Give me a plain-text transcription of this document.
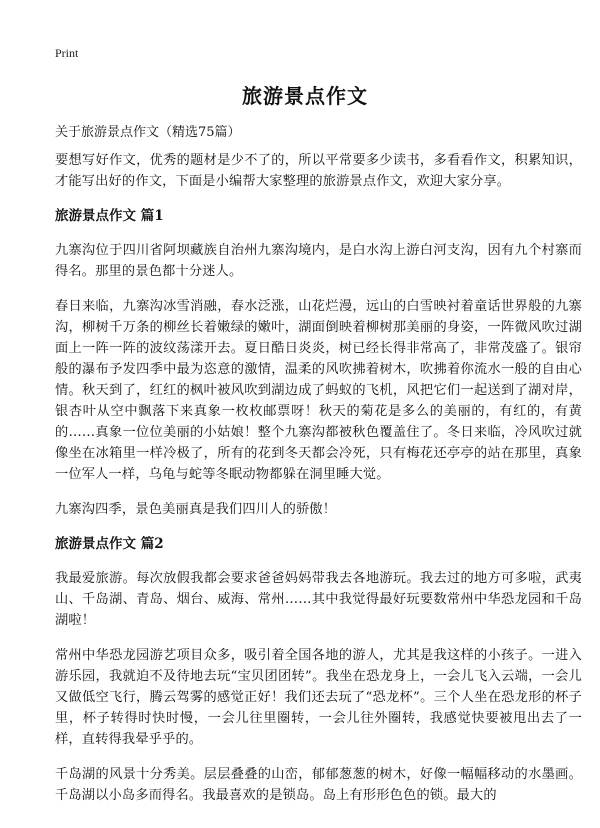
Print
旅游景点作文

关于旅游景点作文（精选75篇）

要想写好作文，优秀的题材是少不了的，所以平常要多少读书，多看看作文，积累知识，才能写出好的作文，下面是小编帮大家整理的旅游景点作文，欢迎大家分享。

旅游景点作文 篇1

九寨沟位于四川省阿坝藏族自治州九寨沟境内，是白水沟上游白河支沟，因有九个村寨而得名。那里的景色都十分迷人。

春日来临，九寨沟冰雪消融，春水泛涨，山花烂漫，远山的白雪映衬着童话世界般的九寨沟，柳树千万条的柳丝长着嫩绿的嫩叶，湖面倒映着柳树那美丽的身姿，一阵微风吹过湖面上一阵一阵的波纹荡漾开去。夏日酷日炎炎，树已经长得非常高了，非常茂盛了。银帘般的瀑布予发四季中最为恣意的激情，温柔的风吹拂着树木，吹拂着你流水一般的自由心情。秋天到了，红红的枫叶被风吹到湖边成了蚂蚁的飞机，风把它们一起送到了湖对岸，银杏叶从空中飘落下来真象一枚枚邮票呀！秋天的菊花是多么的美丽的，有红的，有黄的……真象一位位美丽的小姑娘！整个九寨沟都被秋色覆盖住了。冬日来临，冷风吹过就像坐在冰箱里一样冷极了，所有的花到冬天都会冷死，只有梅花还亭亭的站在那里，真象一位军人一样，乌龟与蛇等冬眠动物都躲在洞里睡大觉。

九寨沟四季，景色美丽真是我们四川人的骄傲！

旅游景点作文 篇2

我最爱旅游。每次放假我都会要求爸爸妈妈带我去各地游玩。我去过的地方可多啦，武夷山、千岛湖、青岛、烟台、威海、常州……其中我觉得最好玩要数常州中华恐龙园和千岛湖啦！

常州中华恐龙园游艺项目众多，吸引着全国各地的游人，尤其是我这样的小孩子。一进入游乐园，我就迫不及待地去玩“宝贝团团转”。我坐在恐龙身上，一会儿飞入云端，一会儿又做低空飞行，腾云驾雾的感觉正好！我们还去玩了“恐龙杯”。三个人坐在恐龙形的杯子里，杯子转得时快时慢，一会儿往里圈转，一会儿往外圈转，我感觉快要被甩出去了一样，直转得我晕乎乎的。

千岛湖的风景十分秀美。层层叠叠的山峦，郁郁葱葱的树木，好像一幅幅移动的水墨画。千岛湖以小岛多而得名。我最喜欢的是锁岛。岛上有形形色色的锁。最大的
